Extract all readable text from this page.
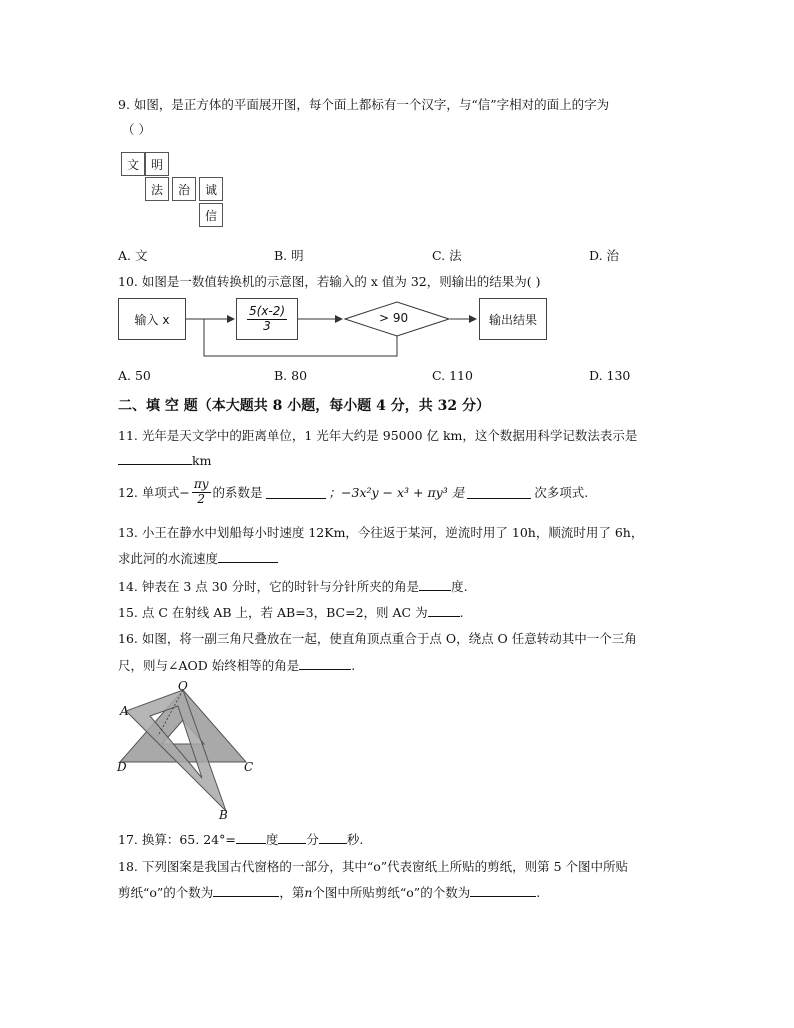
9. 如图，是正方体的平面展开图，每个面上都标有一个汉字，与“信”字相对的面上的字为
（ ）
文 明
法	治	诚
信
A. 文	B. 明	C. 法	D. 治
10. 如图是一数值转换机的示意图，若输入的 x 值为 32，则输出的结果为( )
输入 x	$\frac{5(x-2)}{3}$	> 90	输出结果
A. 50	B. 80	C. 110	D. 130
二、填 空 题（本大题共 8 小题，每小题 4 分，共 32 分）
11. 光年是天文学中的距离单位，1 光年大约是 95000 亿 km，这个数据用科学记数法表示是
km
12. 单项式− $\frac{\pi y}{2}$ 的系数是	；−3x²y − x³ + πy³ 是	次多项式.
13. 小王在静水中划船每小时速度 12Km，今往返于某河，逆流时用了 10h，顺流时用了 6h，
求此河的水流速度
14. 钟表在 3 点 30 分时，它的时针与分针所夹的角是	度.
15. 点 C 在射线 AB 上，若 AB=3，BC=2，则 AC 为	.
16. 如图，将一副三角尺叠放在一起，使直角顶点重合于点 O，绕点 O 任意转动其中一个三角
尺，则与∠AOD 始终相等的角是	.
O
A
D	C
B
17. 换算：65. 24°= 度 分 秒.
18. 下列图案是我国古代窗格的一部分，其中“o”代表窗纸上所贴的剪纸，则第 5 个图中所贴
剪纸“o”的个数为	，第n个图中所贴剪纸“o”的个数为	.
